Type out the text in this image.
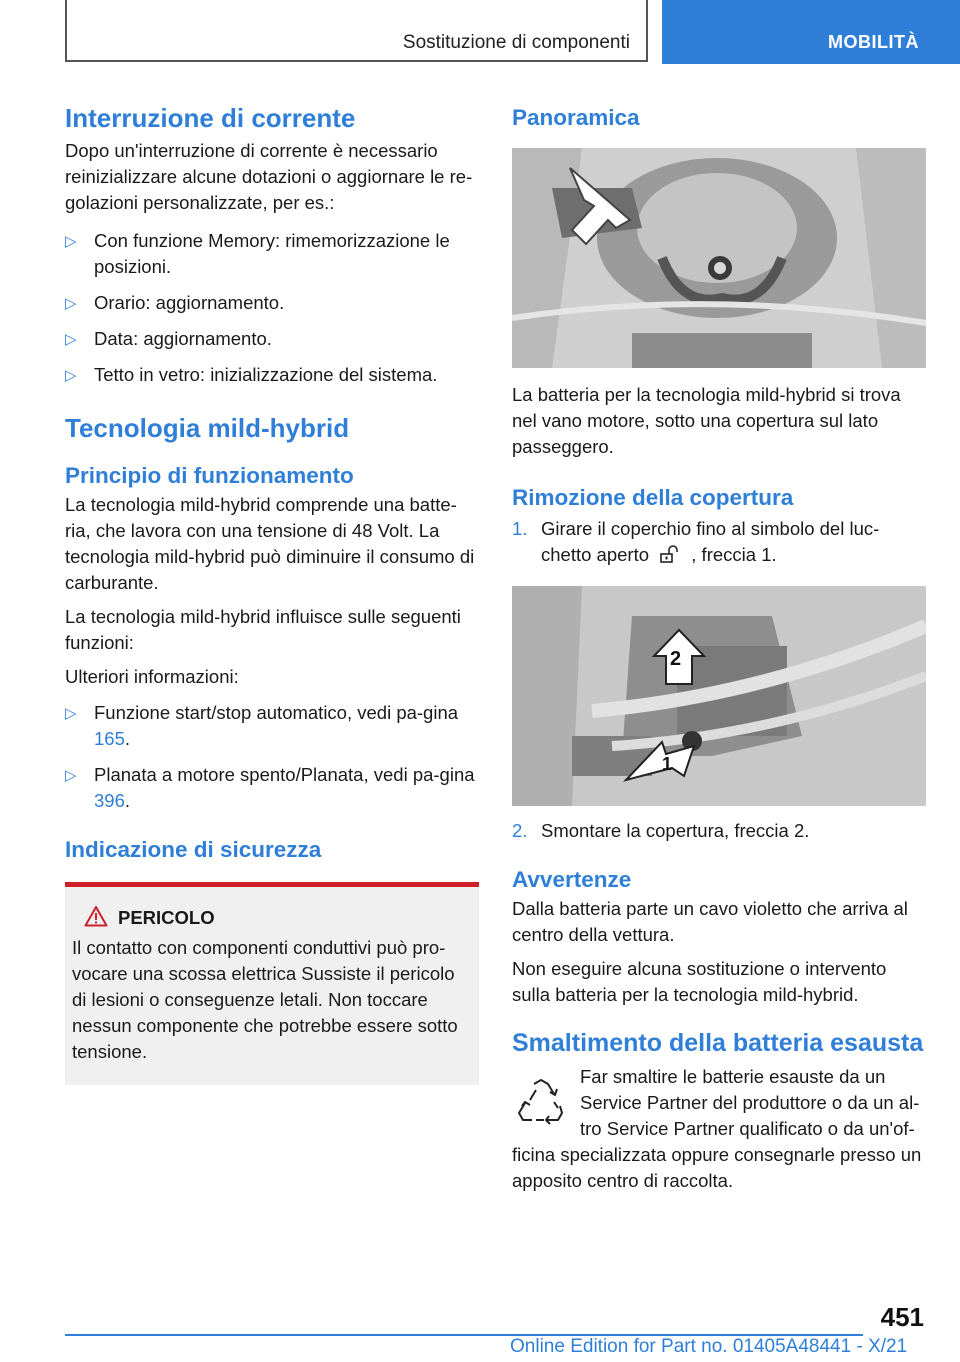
Sostituzione di componenti	MOBILITÀ
Interruzione di corrente

Dopo un'interruzione di corrente è necessario reinizializzare alcune dotazioni o aggiornare le re-golazioni personalizzate, per es.:

▷ Con funzione Memory: rimemorizzazione le posizioni.
▷ Orario: aggiornamento.
▷ Data: aggiornamento.
▷ Tetto in vetro: inizializzazione del sistema.
Tecnologia mild-hybrid
Principio di funzionamento

La tecnologia mild-hybrid comprende una batte-ria, che lavora con una tensione di 48 Volt. La tecnologia mild-hybrid può diminuire il consumo di carburante.

La tecnologia mild-hybrid influisce sulle seguenti funzioni:

Ulteriori informazioni:

▷ Funzione start/stop automatico, vedi pa-gina 165.
▷ Planata a motore spento/Planata, vedi pa-gina 396.
Indicazione di sicurezza
PERICOLO

Il contatto con componenti conduttivi può pro-vocare una scossa elettrica Sussiste il pericolo di lesioni o conseguenze letali. Non toccare nessun componente che potrebbe essere sotto tensione.

Panoramica

La batteria per la tecnologia mild-hybrid si trova nel vano motore, sotto una copertura sul lato passeggero.

Rimozione della copertura
1. Girare il coperchio fino al simbolo del luc-chetto aperto  , freccia 1.
2
1
2. Smontare la copertura, freccia 2.
Avvertenze

Dalla batteria parte un cavo violetto che arriva al centro della vettura.

Non eseguire alcuna sostituzione o intervento sulla batteria per la tecnologia mild-hybrid.

Smaltimento della batteria esausta

Far smaltire le batterie esauste da un Service Partner del produttore o da un al-tro Service Partner qualificato o da un'of-ficina specializzata oppure consegnarle presso un apposito centro di raccolta.

451
Online Edition for Part no. 01405A48441 - X/21
